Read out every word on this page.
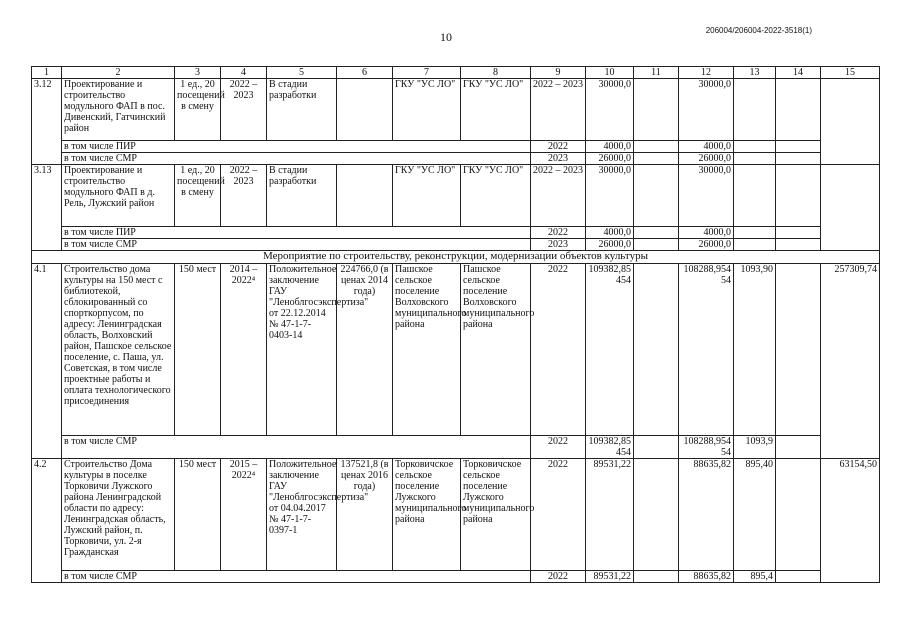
10	206004/206004-2022-3518(1)
1	2	3	4	5	6	7	8	9	10	11	12	13	14	15
3.12	Проектирование и строительство модульного ФАП в пос. Дивенский, Гатчинский район	1 ед., 20 посещений в смену	2022 – 2023	В стадии разработки		ГКУ "УС ЛО"	ГКУ "УС ЛО"	2022 – 2023	30000,0		30000,0			
	в том числе ПИР							2022	4000,0		4000,0			
	в том числе СМР							2023	26000,0		26000,0			
3.13	Проектирование и строительство модульного ФАП в д. Рель, Лужский район	1 ед., 20 посещений в смену	2022 – 2023	В стадии разработки		ГКУ "УС ЛО"	ГКУ "УС ЛО"	2022 – 2023	30000,0		30000,0			
	в том числе ПИР							2022	4000,0		4000,0			
	в том числе СМР							2023	26000,0		26000,0			
Мероприятие по строительству, реконструкции, модернизации объектов культуры														
4.1	Строительство дома культуры на 150 мест с библиотекой, сблокированный со спорткорпусом, по адресу: Ленинградская область, Волховский район, Пашское сельское поселение, с. Паша, ул. Советская, в том числе проектные работы и оплата технологического присоединения	150 мест	2014 – 2022⁴	Положительное заключение ГАУ "Леноблгосэкспертиза" от 22.12.2014 № 47-1-7-0403-14	224766,0 (в ценах 2014 года)	Пашское сельское поселение Волховского муниципального района	Пашское сельское поселение Волховского муниципального района	2022	109382,85454		108288,95454	1093,90		257309,74
	в том числе СМР							2022	109382,85454		108288,95454	1093,9		
4.2	Строительство Дома культуры в поселке Торковичи Лужского района Ленинградской области по адресу: Ленинградская область, Лужский район, п. Торковичи, ул. 2-я Гражданская	150 мест	2015 – 2022⁴	Положительное заключение ГАУ "Леноблгосэкспертиза" от 04.04.2017 № 47-1-7-0397-1	137521,8 (в ценах 2016 года)	Торковичское сельское поселение Лужского муниципального района	Торковичское сельское поселение Лужского муниципального района	2022	89531,22		88635,82	895,40		63154,50
	в том числе СМР							2022	89531,22		88635,82	895,4		
